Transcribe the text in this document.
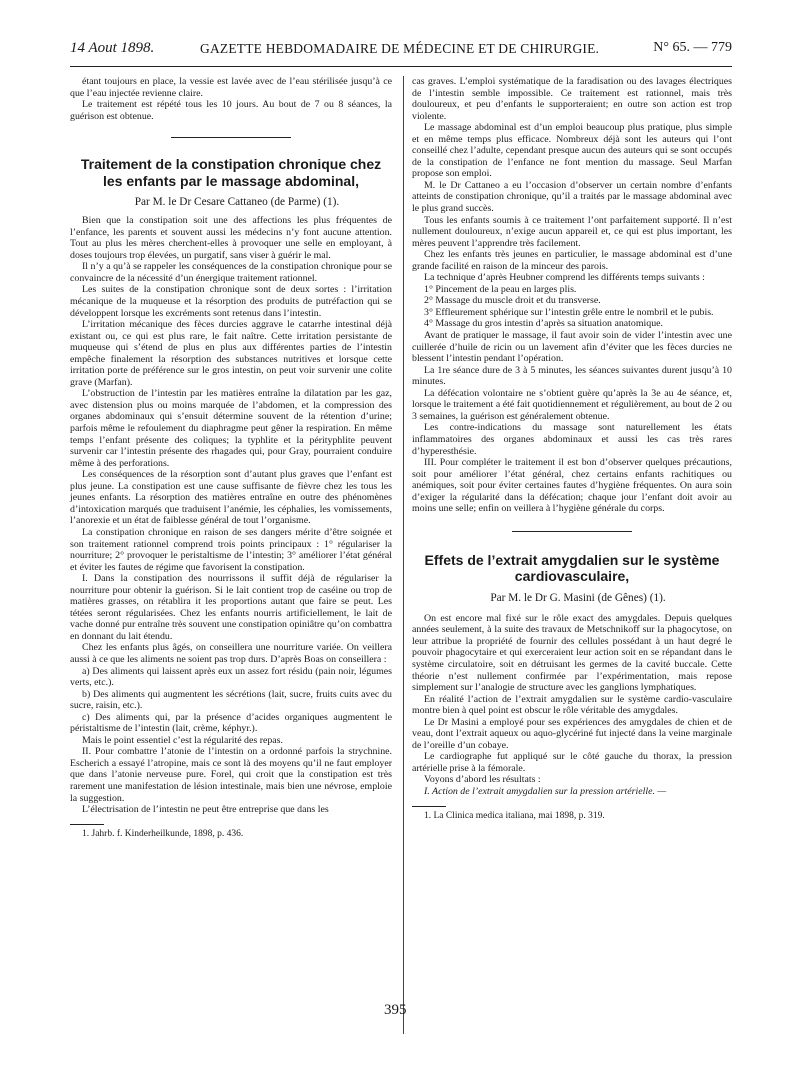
14 Aout 1898.	GAZETTE HEBDOMADAIRE DE MÉDECINE ET DE CHIRURGIE.	N° 65. — 779

étant toujours en place, la vessie est lavée avec de l’eau stérilisée jusqu’à ce que l’eau injectée revienne claire.

Le traitement est répété tous les 10 jours. Au bout de 7 ou 8 séances, la guérison est obtenue.

Traitement de la constipation chronique chez les enfants par le massage abdominal,

Par M. le Dr Cesare Cattaneo (de Parme) (1).

Bien que la constipation soit une des affections les plus fréquentes de l’enfance, les parents et souvent aussi les médecins n’y font aucune attention. Tout au plus les mères cherchent-elles à provoquer une selle en employant, à doses toujours trop élevées, un purgatif, sans viser à guérir le mal.

Il n’y a qu’à se rappeler les conséquences de la constipation chronique pour se convaincre de la nécessité d’un énergique traitement rationnel.

Les suites de la constipation chronique sont de deux sortes : l’irritation mécanique de la muqueuse et la résorption des produits de putréfaction qui se développent lorsque les excréments sont retenus dans l’intestin.

L’irritation mécanique des fèces durcies aggrave le catarrhe intestinal déjà existant ou, ce qui est plus rare, le fait naître. Cette irritation persistante de muqueuse qui s’étend de plus en plus aux différentes parties de l’intestin empêche finalement la résorption des substances nutritives et lorsque cette irritation porte de préférence sur le gros intestin, on peut voir survenir une colite grave (Marfan).

L’obstruction de l’intestin par les matières entraîne la dilatation par les gaz, avec distension plus ou moins marquée de l’abdomen, et la compression des organes abdominaux qui s’ensuit détermine souvent de la rétention d’urine; parfois même le refoulement du diaphragme peut gêner la respiration. En même temps l’enfant présente des coliques; la typhlite et la pérityphlite peuvent survenir car l’intestin présente des rhagades qui, pour Gray, pourraient conduire même à des perforations.

Les conséquences de la résorption sont d’autant plus graves que l’enfant est plus jeune. La constipation est une cause suffisante de fièvre chez les tous les jeunes enfants. La résorption des matières entraîne en outre des phénomènes d’intoxication marqués que traduisent l’anémie, les céphalies, les vomissements, l’anorexie et un état de faiblesse général de tout l’organisme.

La constipation chronique en raison de ses dangers mérite d’être soignée et son traitement rationnel comprend trois points principaux : 1° régulariser la nourriture; 2° provoquer le peristaltisme de l’intestin; 3° améliorer l’état général et éviter les fautes de régime que favorisent la constipation.

I. Dans la constipation des nourrissons il suffit déjà de régulariser la nourriture pour obtenir la guérison. Si le lait contient trop de caséine ou trop de matières grasses, on rétablira it les proportions autant que faire se peut. Les tétées seront régularisées. Chez les enfants nourris artificiellement, le lait de vache donné pur entraîne très souvent une constipation opiniâtre qu’on combattra en donnant du lait étendu.

Chez les enfants plus âgés, on conseillera une nourriture variée. On veillera aussi à ce que les aliments ne soient pas trop durs. D’après Boas on conseillera :

a) Des aliments qui laissent après eux un assez fort résidu (pain noir, légumes verts, etc.).

b) Des aliments qui augmentent les sécrétions (lait, sucre, fruits cuits avec du sucre, raisin, etc.).

c) Des aliments qui, par la présence d’acides organiques augmentent le péristaltisme de l’intestin (lait, crème, képhyr.).

Mais le point essentiel c’est la régularité des repas.

II. Pour combattre l’atonie de l’intestin on a ordonné parfois la strychnine. Escherich a essayé l’atropine, mais ce sont là des moyens qu’il ne faut employer que dans l’atonie nerveuse pure. Forel, qui croit que la constipation est très rarement une manifestation de lésion intestinale, mais bien une névrose, emploie la suggestion.

L’électrisation de l’intestin ne peut être entreprise que dans les

1. Jahrb. f. Kinderheilkunde, 1898, p. 436.

cas graves. L’emploi systématique de la faradisation ou des lavages électriques de l’intestin semble impossible. Ce traitement est rationnel, mais très douloureux, et peu d’enfants le supporteraient; en outre son action est trop violente.

Le massage abdominal est d’un emploi beaucoup plus pratique, plus simple et en même temps plus efficace. Nombreux déjà sont les auteurs qui l’ont conseillé chez l’adulte, cependant presque aucun des auteurs qui se sont occupés de la constipation de l’enfance ne font mention du massage. Seul Marfan propose son emploi.

M. le Dr Cattaneo a eu l’occasion d’observer un certain nombre d’enfants atteints de constipation chronique, qu’il a traités par le massage abdominal avec le plus grand succès.

Tous les enfants soumis à ce traitement l’ont parfaitement supporté. Il n’est nullement douloureux, n’exige aucun appareil et, ce qui est plus important, les mères peuvent l’apprendre très facilement.

Chez les enfants très jeunes en particulier, le massage abdominal est d’une grande facilité en raison de la minceur des parois.

La technique d’après Heubner comprend les différents temps suivants :

1° Pincement de la peau en larges plis.

2° Massage du muscle droit et du transverse.

3° Effleurement sphérique sur l’intestin grêle entre le nombril et le pubis.

4° Massage du gros intestin d’après sa situation anatomique.

Avant de pratiquer le massage, il faut avoir soin de vider l’intestin avec une cuillerée d’huile de ricin ou un lavement afin d’éviter que les fèces durcies ne blessent l’intestin pendant l’opération.

La 1re séance dure de 3 à 5 minutes, les séances suivantes durent jusqu’à 10 minutes.

La défécation volontaire ne s’obtient guère qu’après la 3e au 4e séance, et, lorsque le traitement a été fait quotidiennement et régulièrement, au bout de 2 ou 3 semaines, la guérison est généralement obtenue.

Les contre-indications du massage sont naturellement les états inflammatoires des organes abdominaux et aussi les cas très rares d’hyperesthésie.

III. Pour compléter le traitement il est bon d’observer quelques précautions, soit pour améliorer l’état général, chez certains enfants rachitiques ou anémiques, soit pour éviter certaines fautes d’hygiène fréquentes. On aura soin d’exiger la régularité dans la défécation; chaque jour l’enfant doit avoir au moins une selle; enfin on veillera à l’hygiène générale du corps.

Effets de l’extrait amygdalien sur le système cardiovasculaire,

Par M. le Dr G. Masini (de Gênes) (1).

On est encore mal fixé sur le rôle exact des amygdales. Depuis quelques années seulement, à la suite des travaux de Metschnikoff sur la phagocytose, on leur attribue la propriété de fournir des cellules possédant à un haut degré le pouvoir phagocytaire et qui exerceraient leur action soit en se répandant dans le système circulatoire, soit en détruisant les germes de la cavité buccale. Cette théorie n’est nullement confirmée par l’expérimentation, mais repose simplement sur l’analogie de structure avec les ganglions lymphatiques.

En réalité l’action de l’extrait amygdalien sur le système cardio-vasculaire montre bien à quel point est obscur le rôle véritable des amygdales.

Le Dr Masini a employé pour ses expériences des amygdales de chien et de veau, dont l’extrait aqueux ou aquo-glycériné fut injecté dans la veine marginale de l’oreille d’un cobaye.

Le cardiographe fut appliqué sur le côté gauche du thorax, la pression artérielle prise à la fémorale.

Voyons d’abord les résultats :

I. Action de l’extrait amygdalien sur la pression artérielle. —

1. La Clinica medica italiana, mai 1898, p. 319.

395
